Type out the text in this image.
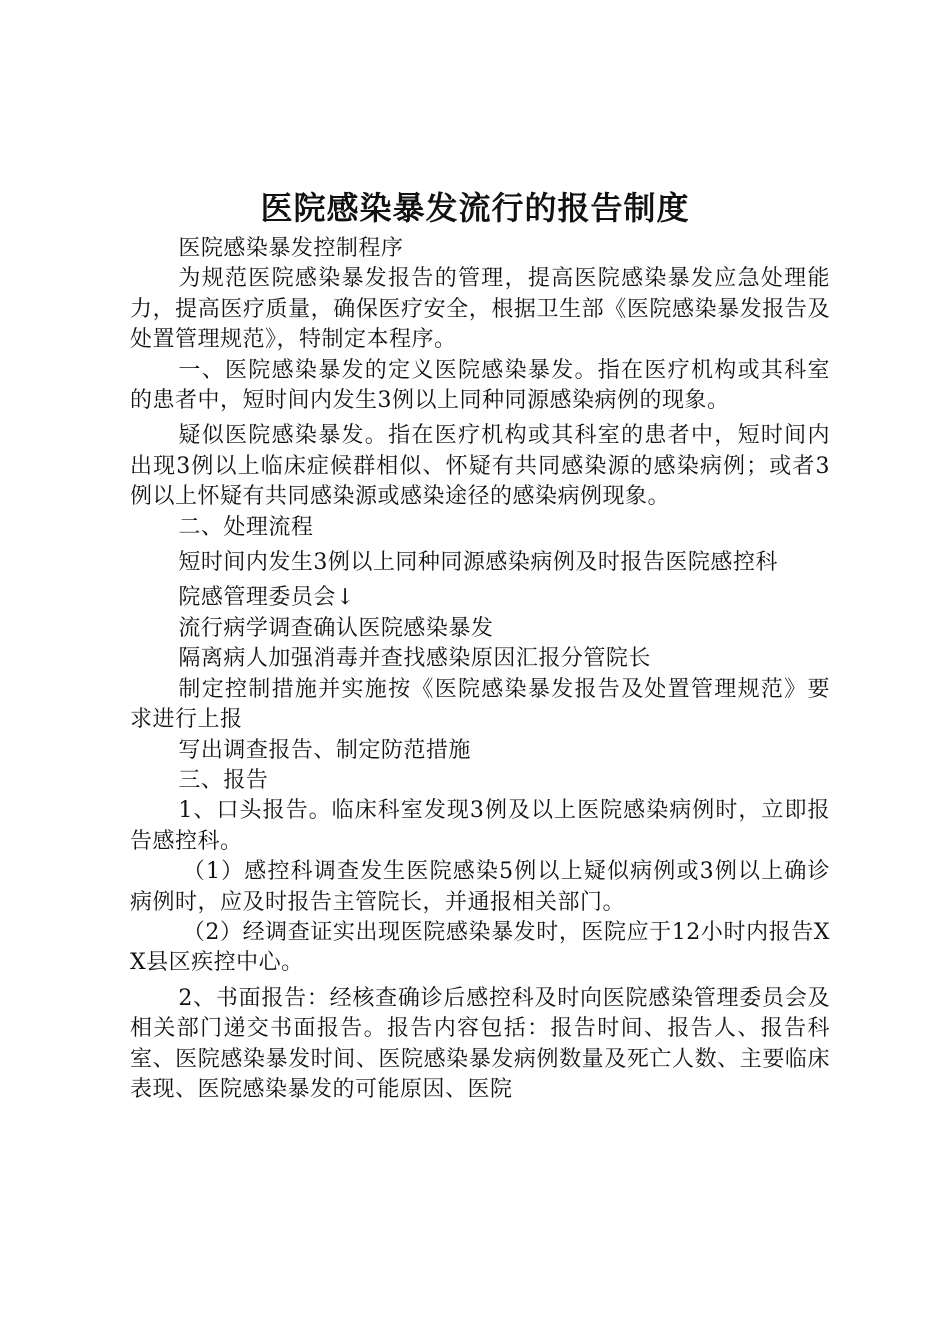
医院感染暴发流行的报告制度

医院感染暴发控制程序

为规范医院感染暴发报告的管理，提高医院感染暴发应急处理能力，提高医疗质量，确保医疗安全，根据卫生部《医院感染暴发报告及处置管理规范》，特制定本程序。

一、医院感染暴发的定义医院感染暴发。指在医疗机构或其科室的患者中，短时间内发生3例以上同种同源感染病例的现象。

疑似医院感染暴发。指在医疗机构或其科室的患者中，短时间内出现3例以上临床症候群相似、怀疑有共同感染源的感染病例；或者3例以上怀疑有共同感染源或感染途径的感染病例现象。

二、处理流程

短时间内发生3例以上同种同源感染病例及时报告医院感控科

院感管理委员会↓

流行病学调查确认医院感染暴发

隔离病人加强消毒并查找感染原因汇报分管院长

制定控制措施并实施按《医院感染暴发报告及处置管理规范》要求进行上报

写出调查报告、制定防范措施

三、报告

1、口头报告。临床科室发现3例及以上医院感染病例时，立即报告感控科。

（1）感控科调查发生医院感染5例以上疑似病例或3例以上确诊病例时，应及时报告主管院长，并通报相关部门。

（2）经调查证实出现医院感染暴发时，医院应于12小时内报告XX县区疾控中心。

2、书面报告：经核查确诊后感控科及时向医院感染管理委员会及相关部门递交书面报告。报告内容包括：报告时间、报告人、报告科室、医院感染暴发时间、医院感染暴发病例数量及死亡人数、主要临床表现、医院感染暴发的可能原因、医院
